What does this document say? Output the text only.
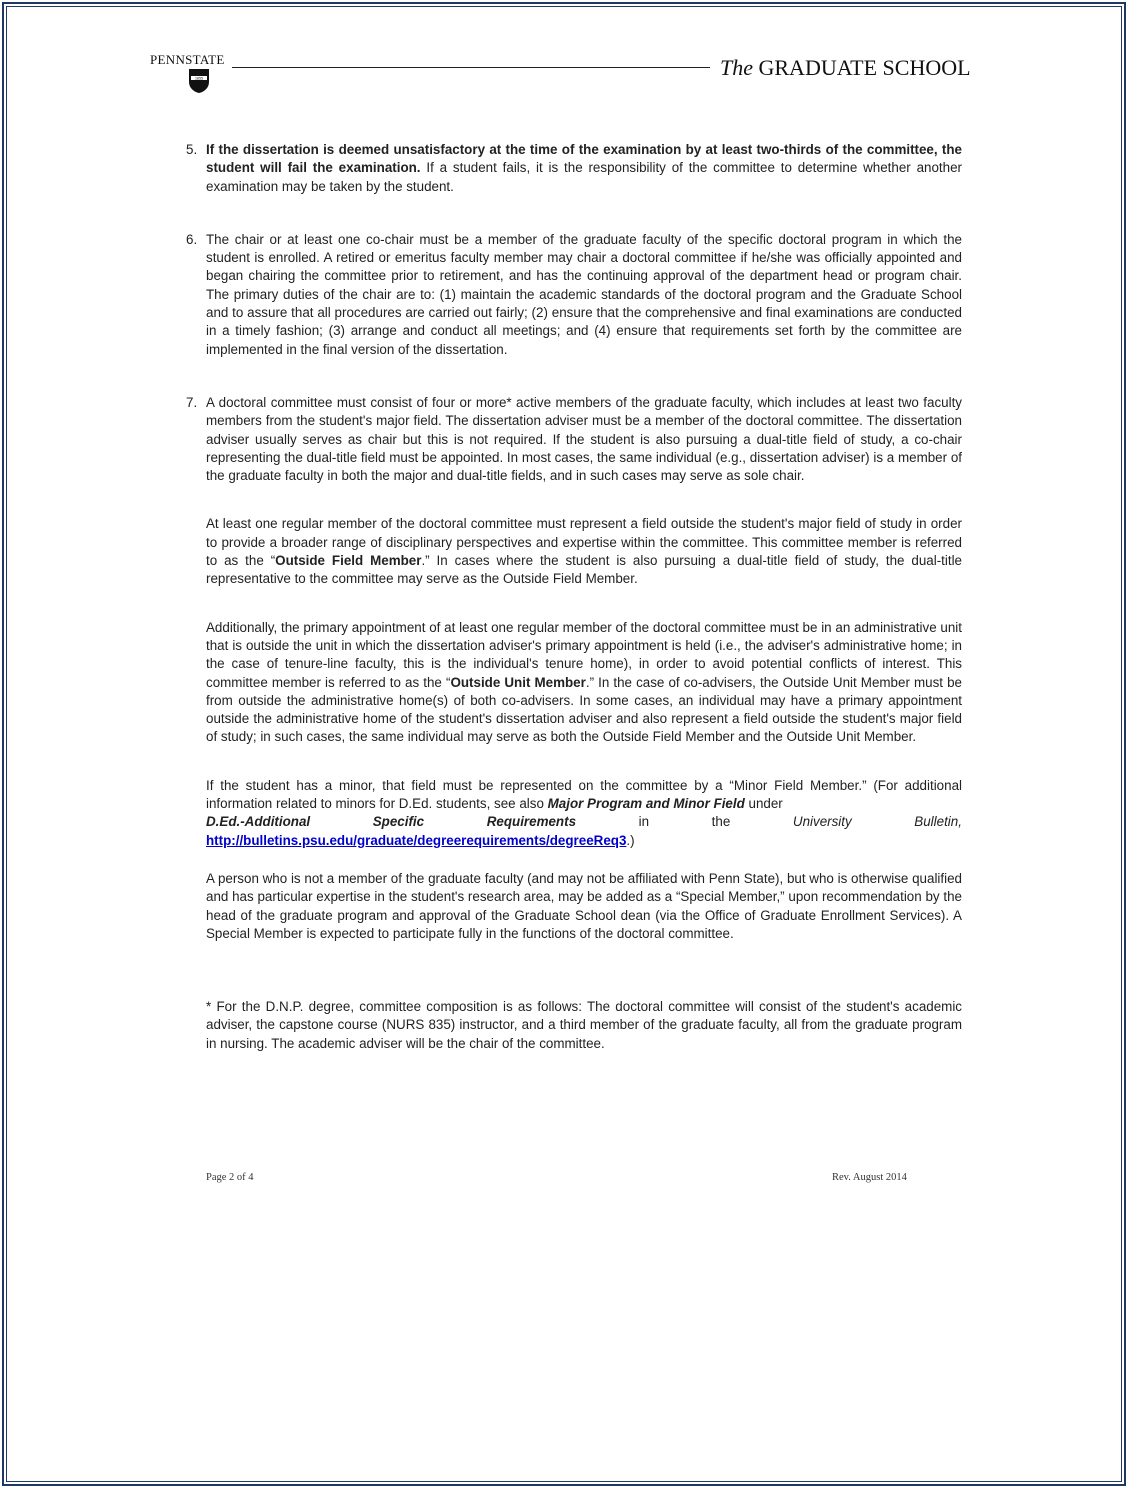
PENNSTATE
1855	The GRADUATE SCHOOL
5. If the dissertation is deemed unsatisfactory at the time of the examination by at least two-thirds of the committee, the student will fail the examination. If a student fails, it is the responsibility of the committee to determine whether another examination may be taken by the student.
6. The chair or at least one co-chair must be a member of the graduate faculty of the specific doctoral program in which the student is enrolled. A retired or emeritus faculty member may chair a doctoral committee if he/she was officially appointed and began chairing the committee prior to retirement, and has the continuing approval of the department head or program chair. The primary duties of the chair are to: (1) maintain the academic standards of the doctoral program and the Graduate School and to assure that all procedures are carried out fairly; (2) ensure that the comprehensive and final examinations are conducted in a timely fashion; (3) arrange and conduct all meetings; and (4) ensure that requirements set forth by the committee are implemented in the final version of the dissertation.
7. A doctoral committee must consist of four or more* active members of the graduate faculty, which includes at least two faculty members from the student's major field. The dissertation adviser must be a member of the doctoral committee. The dissertation adviser usually serves as chair but this is not required. If the student is also pursuing a dual-title field of study, a co-chair representing the dual-title field must be appointed. In most cases, the same individual (e.g., dissertation adviser) is a member of the graduate faculty in both the major and dual-title fields, and in such cases may serve as sole chair.
At least one regular member of the doctoral committee must represent a field outside the student's major field of study in order to provide a broader range of disciplinary perspectives and expertise within the committee. This committee member is referred to as the “Outside Field Member.” In cases where the student is also pursuing a dual-title field of study, the dual-title representative to the committee may serve as the Outside Field Member.
Additionally, the primary appointment of at least one regular member of the doctoral committee must be in an administrative unit that is outside the unit in which the dissertation adviser's primary appointment is held (i.e., the adviser's administrative home; in the case of tenure-line faculty, this is the individual's tenure home), in order to avoid potential conflicts of interest. This committee member is referred to as the “Outside Unit Member.” In the case of co-advisers, the Outside Unit Member must be from outside the administrative home(s) of both co-advisers. In some cases, an individual may have a primary appointment outside the administrative home of the student's dissertation adviser and also represent a field outside the student's major field of study; in such cases, the same individual may serve as both the Outside Field Member and the Outside Unit Member.
If the student has a minor, that field must be represented on the committee by a “Minor Field Member.” (For additional information related to minors for D.Ed. students, see also Major Program and Minor Field under
D.Ed.-Additional	Specific	Requirements	in	the	University	Bulletin,
http://bulletins.psu.edu/graduate/degreerequirements/degreeReq3.)
A person who is not a member of the graduate faculty (and may not be affiliated with Penn State), but who is otherwise qualified and has particular expertise in the student's research area, may be added as a “Special Member,” upon recommendation by the head of the graduate program and approval of the Graduate School dean (via the Office of Graduate Enrollment Services). A Special Member is expected to participate fully in the functions of the doctoral committee.
* For the D.N.P. degree, committee composition is as follows: The doctoral committee will consist of the student's academic adviser, the capstone course (NURS 835) instructor, and a third member of the graduate faculty, all from the graduate program in nursing. The academic adviser will be the chair of the committee.
Page 2 of 4	Rev. August 2014
